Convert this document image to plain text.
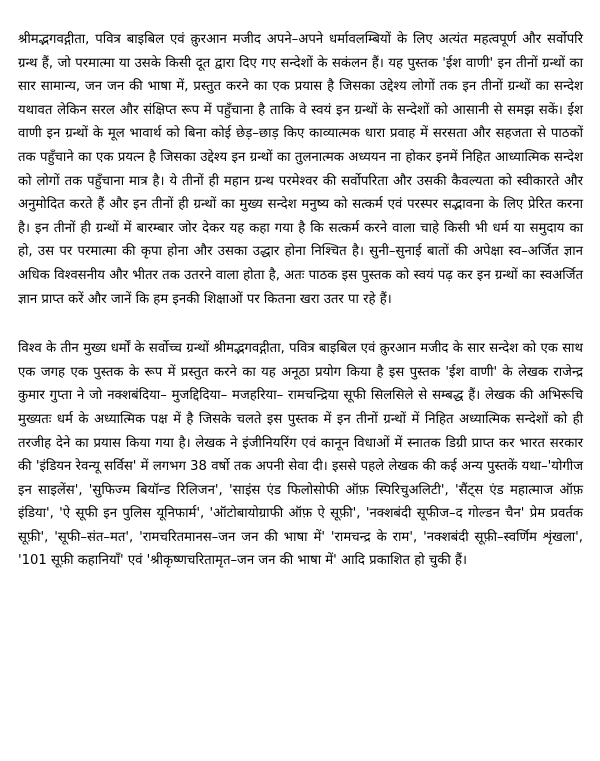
श्रीमद्भगवद्गीता, पवित्र बाइबिल एवं क़ुरआन मजीद अपने–अपने धर्मावलम्बियों के लिए अत्यंत महत्वपूर्ण और सर्वोपरि ग्रन्थ हैं, जो परमात्मा या उसके किसी दूत द्वारा दिए गए सन्देशों के सकंलन हैं। यह पुस्तक 'ईश वाणी' इन तीनों ग्रन्थों का सार सामान्य, जन जन की भाषा में, प्रस्तुत करने का एक प्रयास है जिसका उद्देश्य लोगों तक इन तीनों ग्रन्थों का सन्देश यथावत लेकिन सरल और संक्षिप्त रूप में पहुँचाना है ताकि वे स्वयं इन ग्रन्थों के सन्देशों को आसानी से समझ सकें। ईश वाणी इन ग्रन्थों के मूल भावार्थ को बिना कोई छेड़–छाड़ किए काव्यात्मक धारा प्रवाह में सरसता और सहजता से पाठकों तक पहुँचाने का एक प्रयत्न है जिसका उद्देश्य इन ग्रन्थों का तुलनात्मक अध्ययन ना होकर इनमें निहित आध्यात्मिक सन्देश को लोगों तक पहुँचाना मात्र है। ये तीनों ही महान ग्रन्थ परमेश्वर की सर्वोपरिता और उसकी कैवल्यता को स्वीकारते और अनुमोदित करते हैं और इन तीनों ही ग्रन्थों का मुख्य सन्देश मनुष्य को सत्कर्म एवं परस्पर सद्भावना के लिए प्रेरित करना है। इन तीनों ही ग्रन्थों में बारम्बार जोर देकर यह कहा गया है कि सत्कर्म करने वाला चाहे किसी भी धर्म या समुदाय का हो, उस पर परमात्मा की कृपा होना और उसका उद्धार होना निश्चित है। सुनी–सुनाई बातों की अपेक्षा स्व–अर्जित ज्ञान अधिक विश्वसनीय और भीतर तक उतरने वाला होता है, अतः पाठक इस पुस्तक को स्वयं पढ़ कर इन ग्रन्थों का स्वअर्जित ज्ञान प्राप्त करें और जानें कि हम इनकी शिक्षाओं पर कितना खरा उतर पा रहे हैं।

विश्व के तीन मुख्य धर्मों के सर्वोच्च ग्रन्थों श्रीमद्भगवद्गीता, पवित्र बाइबिल एवं क़ुरआन मजीद के सार सन्देश को एक साथ एक जगह एक पुस्तक के रूप में प्रस्तुत करने का यह अनूठा प्रयोग किया है इस पुस्तक 'ईश वाणी' के लेखक राजेन्द्र कुमार गुप्ता ने जो नक्शबंदिया– मुजद्दिदिया– मजहरिया– रामचन्द्रिया सूफी सिलसिले से सम्बद्ध हैं। लेखक की अभिरूचि मुख्यतः धर्म के अध्यात्मिक पक्ष में है जिसके चलते इस पुस्तक में इन तीनों ग्रन्थों में निहित अध्यात्मिक सन्देशों को ही तरजीह देने का प्रयास किया गया है। लेखक ने इंजीनियरिंग एवं कानून विधाओं में स्नातक डिग्री प्राप्त कर भारत सरकार की 'इंडियन रेवन्यू सर्विस' में लगभग 38 वर्षो तक अपनी सेवा दी। इससे पहले लेखक की कई अन्य पुस्तकें यथा–'योगीज इन साइलेंस', 'सुफिज्म बियॉन्ड रिलिजन', 'साइंस एंड फिलोसोफी ऑफ़ स्पिरिचुअलिटी', 'सैंट्स एंड महात्माज ऑफ़ इंडिया', 'ऐ सूफी इन पुलिस यूनिफार्म', 'ऑटोबायोग्राफी ऑफ़ ऐ सूफ़ी', 'नक्शबंदी सूफीज–द गोल्डन चैन' प्रेम प्रवर्तक सूफ़ी', 'सूफी–संत–मत', 'रामचरितमानस–जन जन की भाषा में' 'रामचन्द्र के राम', 'नक्शबंदी सूफ़ी–स्वर्णिम शृंखला', '101 सूफ़ी कहानियाँ' एवं 'श्रीकृष्णचरितामृत–जन जन की भाषा में' आदि प्रकाशित हो चुकी हैं।
